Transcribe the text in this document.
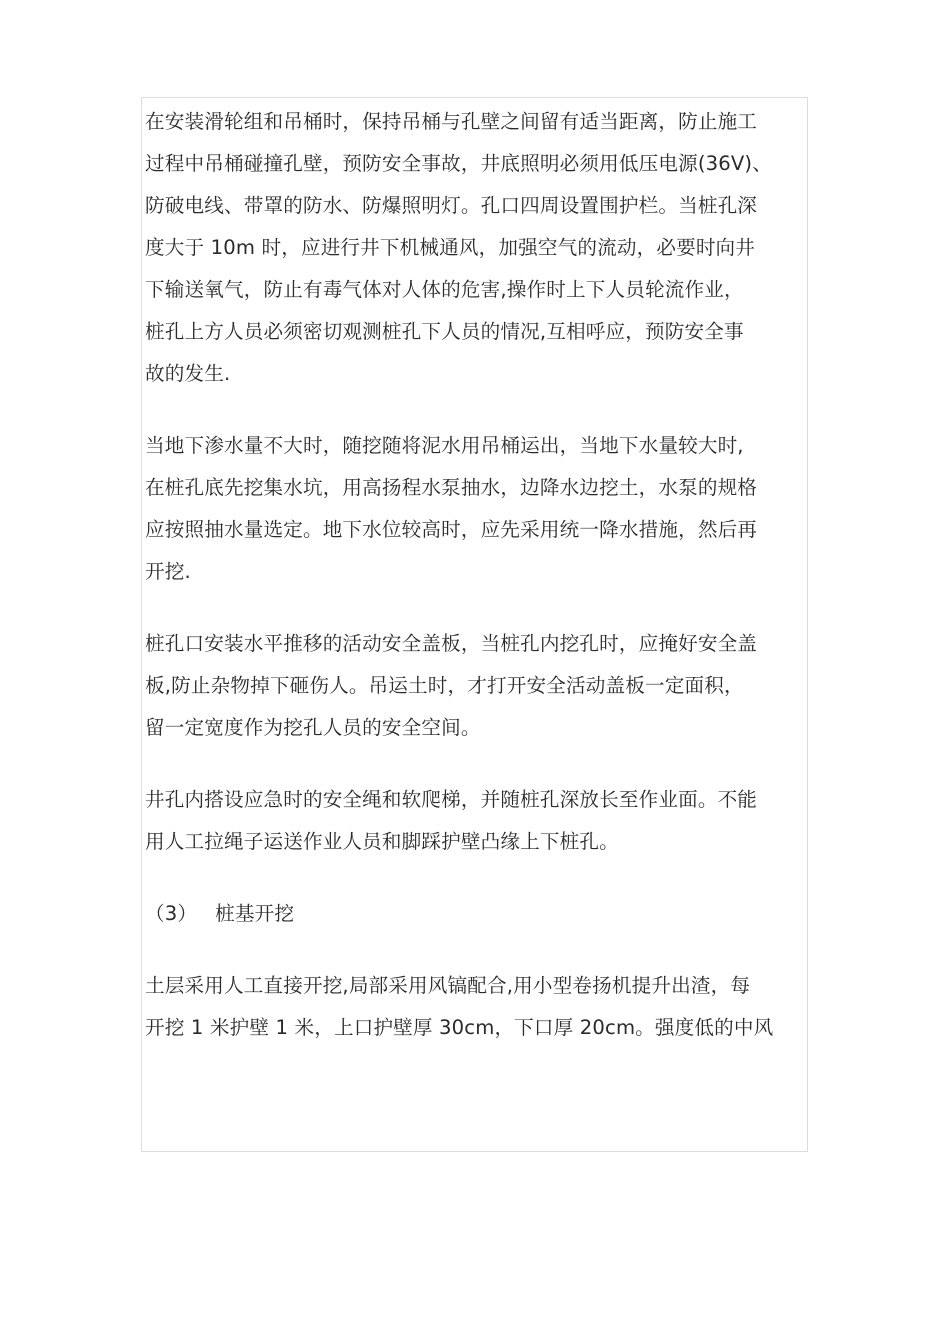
在安装滑轮组和吊桶时，保持吊桶与孔壁之间留有适当距离，防止施工
过程中吊桶碰撞孔壁，预防安全事故，井底照明必须用低压电源(36V)、
防破电线、带罩的防水、防爆照明灯。孔口四周设置围护栏。当桩孔深
度大于 10m 时，应进行井下机械通风，加强空气的流动，必要时向井
下输送氧气，防止有毒气体对人体的危害,操作时上下人员轮流作业，
桩孔上方人员必须密切观测桩孔下人员的情况,互相呼应，预防安全事
故的发生.
当地下渗水量不大时，随挖随将泥水用吊桶运出，当地下水量较大时,
在桩孔底先挖集水坑，用高扬程水泵抽水，边降水边挖土，水泵的规格
应按照抽水量选定。地下水位较高时，应先采用统一降水措施，然后再
开挖.
桩孔口安装水平推移的活动安全盖板，当桩孔内挖孔时，应掩好安全盖
板,防止杂物掉下砸伤人。吊运土时，才打开安全活动盖板一定面积，
留一定宽度作为挖孔人员的安全空间。
井孔内搭设应急时的安全绳和软爬梯，并随桩孔深放长至作业面。不能
用人工拉绳子运送作业人员和脚踩护壁凸缘上下桩孔。
（3） 桩基开挖
土层采用人工直接开挖,局部采用风镐配合,用小型卷扬机提升出渣，每
开挖 1 米护壁 1 米，上口护壁厚 30cm，下口厚 20cm。强度低的中风
